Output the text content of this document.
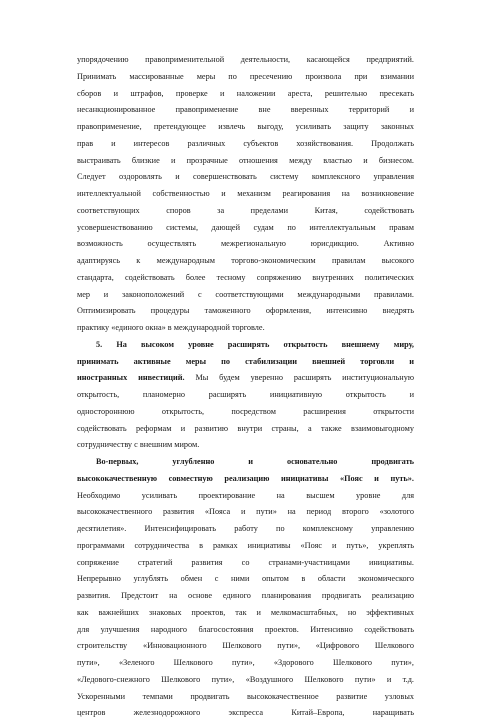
упорядочению правоприменительной деятельности, касающейся предприятий.
Принимать массированные меры по пресечению произвола при взимании
сборов и штрафов, проверке и наложении ареста, решительно пресекать
несанкционированное правоприменение вне вверенных территорий и
правоприменение, претендующее извлечь выгоду, усиливать защиту законных
прав и интересов различных субъектов хозяйствования. Продолжать
выстраивать близкие и прозрачные отношения между властью и бизнесом.
Следует оздоровлять и совершенствовать систему комплексного управления
интеллектуальной собственностью и механизм реагирования на возникновение
соответствующих споров за пределами Китая, содействовать
усовершенствованию системы, дающей судам по интеллектуальным правам
возможность осуществлять межрегиональную юрисдикцию. Активно
адаптируясь к международным торгово-экономическим правилам высокого
стандарта, содействовать более тесному сопряжению внутренних политических
мер и законоположений с соответствующими международными правилами.
Оптимизировать процедуры таможенного оформления, интенсивно внедрять
практику «единого окна» в международной торговле.
5. На высоком уровне расширять открытость внешнему миру,
принимать активные меры по стабилизации внешней торговли и
иностранных инвестиций. Мы будем уверенно расширять институциональную
открытость, планомерно расширять инициативную открытость и
одностороннюю открытость, посредством расширения открытости
содействовать реформам и развитию внутри страны, а также взаимовыгодному
сотрудничеству с внешним миром.
Во-первых, углубленно и основательно продвигать
высококачественную совместную реализацию инициативы «Пояс и путь».
Необходимо усиливать проектирование на высшем уровне для
высококачественного развития «Пояса и пути» на период второго «золотого
десятилетия». Интенсифицировать работу по комплексному управлению
программами сотрудничества в рамках инициативы «Пояс и путь», укреплять
сопряжение стратегий развития со странами-участницами инициативы.
Непрерывно углублять обмен с ними опытом в области экономического
развития. Предстоит на основе единого планирования продвигать реализацию
как важнейших знаковых проектов, так и мелкомасштабных, но эффективных
для улучшения народного благосостояния проектов. Интенсивно содействовать
строительству «Инновационного Шелкового пути», «Цифрового Шелкового
пути», «Зеленого Шелкового пути», «Здорового Шелкового пути»,
«Ледового-снежного Шелкового пути», «Воздушного Шелкового пути» и т.д.
Ускоренными темпами продвигать высококачественное развитие узловых
центров железнодорожного экспресса Китай–Европа, наращивать
